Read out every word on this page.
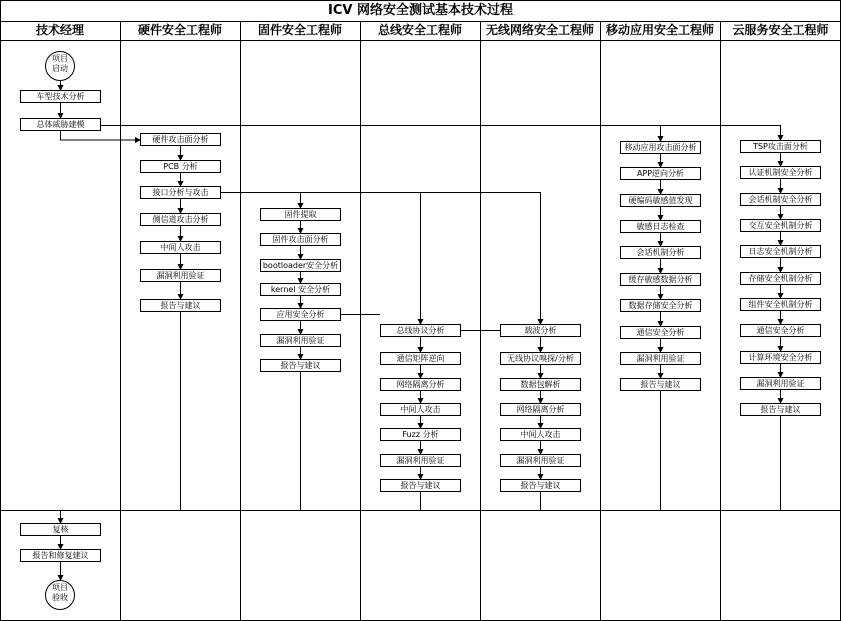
ICV 网络安全测试基本技术过程
技术经理	硬件安全工程师	固件安全工程师	总线安全工程师	无线网络安全工程师 移动应用安全工程师	云服务安全工程师
项目启动
车型技术分析
总体威胁建模
复核
报告和修复建议
项目验收
硬件攻击面分析
PCB 分析
接口分析与攻击
侧信道攻击分析
中间人攻击
漏洞利用验证
报告与建议
固件提取
固件攻击面分析
bootloader安全分析
kernel 安全分析
应用安全分析
漏洞利用验证
报告与建议
总线协议分析
通信矩阵逆向
网络隔离分析
中间人攻击
Fuzz 分析
漏洞利用验证
报告与建议
载波分析
无线协议嗅探/分析
数据包解析
网络隔离分析
中间人攻击
漏洞利用验证
报告与建议
移动应用攻击面分析
APP逆向分析
硬编码敏感值发现
敏感日志检查
会话机制分析
缓存敏感数据分析
数据存储安全分析
通信安全分析
漏洞利用验证
报告与建议
TSP攻击面分析
认证机制安全分析
会话机制安全分析
交互安全机制分析
日志安全机制分析
存储安全机制分析
组件安全机制分析
通信安全分析
计算环境安全分析
漏洞利用验证
报告与建议
